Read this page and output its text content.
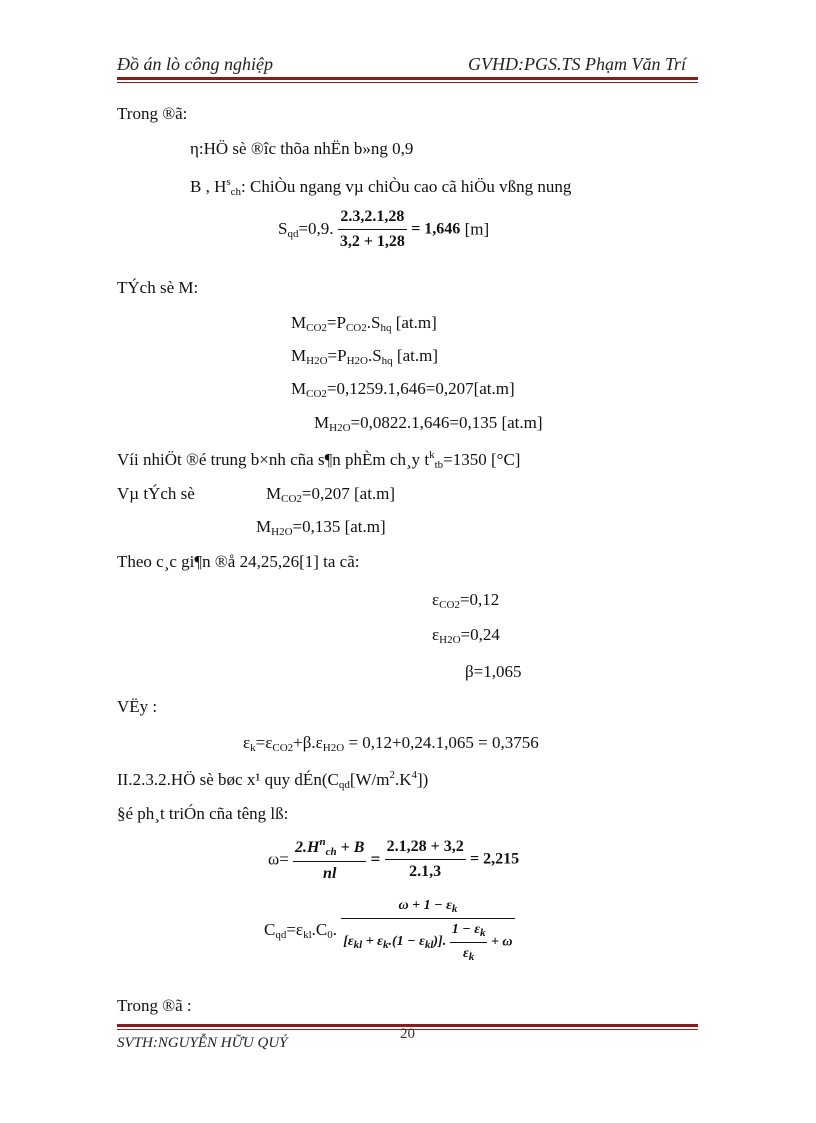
Đồ án lò công nghiệp	GVHD:PGS.TS Phạm Văn Trí
Trong ®ã:
η:HÖ sè ®îc thõa nhËn b»ng 0,9
B , $H^s_{ch}$: ChiÒu ngang vµ chiÒu cao cã hiÖu vßng nung
$S_{qd}=0,9$. $\frac{2.3,2.1,28}{3,2 + 1,28} = 1,646$ [m]
TÝch sè M:
$M_{CO2}=P_{CO2}.S_{hq}$ [at.m]
$M_{H2O}=P_{H2O}.S_{hq}$ [at.m]
$M_{CO2}=0,1259.1,646=0,207[at.m]$
$M_{H2O}=0,0822.1,646=0,135$ [at.m]
Víi nhiÖt ®é trung b×nh cña s¶n phÈm ch¸y $t^k_{tb}=1350$ [°C]
Vµ tÝch sè	$M_{CO2}=0,207$ [at.m]
$M_{H2O}=0,135$ [at.m]
Theo c¸c gi¶n ®å 24,25,26[1] ta cã:
$\varepsilon_{CO2}=0,12$
$\varepsilon_{H2O}=0,24$
β=1,065
VËy :
$\varepsilon_k=\varepsilon_{CO2}+\beta.\varepsilon_{H2O} = 0,12+0,24.1,065 = 0,3756$
II.2.3.2.HÖ sè bøc x¹ quy $dÉn(C_{qd}[W/m^2.K^4])$
§é ph¸t triÓn cña têng lß:
$\omega= \frac{2.H^n_{ch} + B}{nl} = \frac{2.1,28 + 3,2}{2.1,3} = 2,215$
$C_{qd}=\varepsilon_{kl}.C_0$.
$\omega + 1 - \varepsilon_k$
$[\varepsilon_{kl} + \varepsilon_k.(1 - \varepsilon_{kl})]$. $\frac{1 - \varepsilon_k}{\varepsilon_k} + \omega$
Trong ®ã :
20
SVTH:NGUYỄN HỮU QUÝ
